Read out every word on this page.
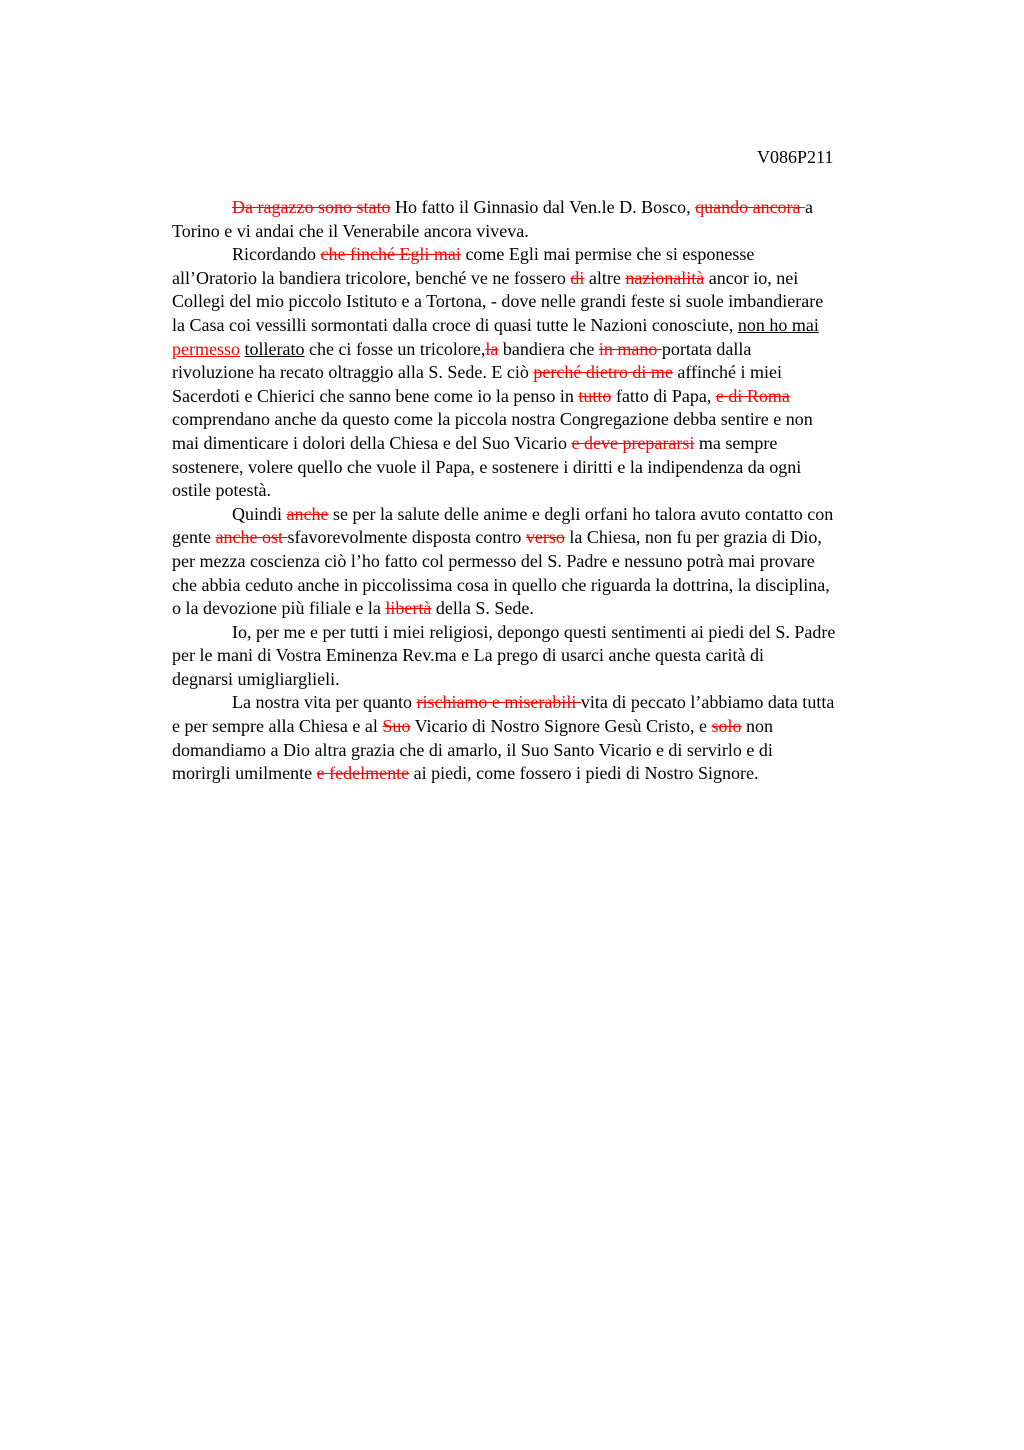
V086P211
Da ragazzo sono stato Ho fatto il Ginnasio dal Ven.le D. Bosco, quando ancora a
Torino e vi andai che il Venerabile ancora viveva.
Ricordando che finché Egli mai come Egli mai permise che si esponesse
all’Oratorio la bandiera tricolore, benché ve ne fossero di altre nazionalità ancor io, nei
Collegi del mio piccolo Istituto e a Tortona, - dove nelle grandi feste si suole imbandierare
la Casa coi vessilli sormontati dalla croce di quasi tutte le Nazioni conosciute, non ho mai
permesso tollerato che ci fosse un tricolore,la bandiera che in mano portata dalla
rivoluzione ha recato oltraggio alla S. Sede. E ciò perché dietro di me affinché i miei
Sacerdoti e Chierici che sanno bene come io la penso in tutto fatto di Papa, e di Roma
comprendano anche da questo come la piccola nostra Congregazione debba sentire e non
mai dimenticare i dolori della Chiesa e del Suo Vicario e deve prepararsi ma sempre
sostenere, volere quello che vuole il Papa, e sostenere i diritti e la indipendenza da ogni
ostile potestà.
Quindi anche se per la salute delle anime e degli orfani ho talora avuto contatto con
gente anche ost sfavorevolmente disposta contro verso la Chiesa, non fu per grazia di Dio,
per mezza coscienza ciò l’ho fatto col permesso del S. Padre e nessuno potrà mai provare
che abbia ceduto anche in piccolissima cosa in quello che riguarda la dottrina, la disciplina,
o la devozione più filiale e la libertà della S. Sede.
Io, per me e per tutti i miei religiosi, depongo questi sentimenti ai piedi del S. Padre
per le mani di Vostra Eminenza Rev.ma e La prego di usarci anche questa carità di
degnarsi umigliarglieli.
La nostra vita per quanto rischiamo e miserabili vita di peccato l’abbiamo data tutta
e per sempre alla Chiesa e al Suo Vicario di Nostro Signore Gesù Cristo, e solo non
domandiamo a Dio altra grazia che di amarlo, il Suo Santo Vicario e di servirlo e di
morirgli umilmente e fedelmente ai piedi, come fossero i piedi di Nostro Signore.
